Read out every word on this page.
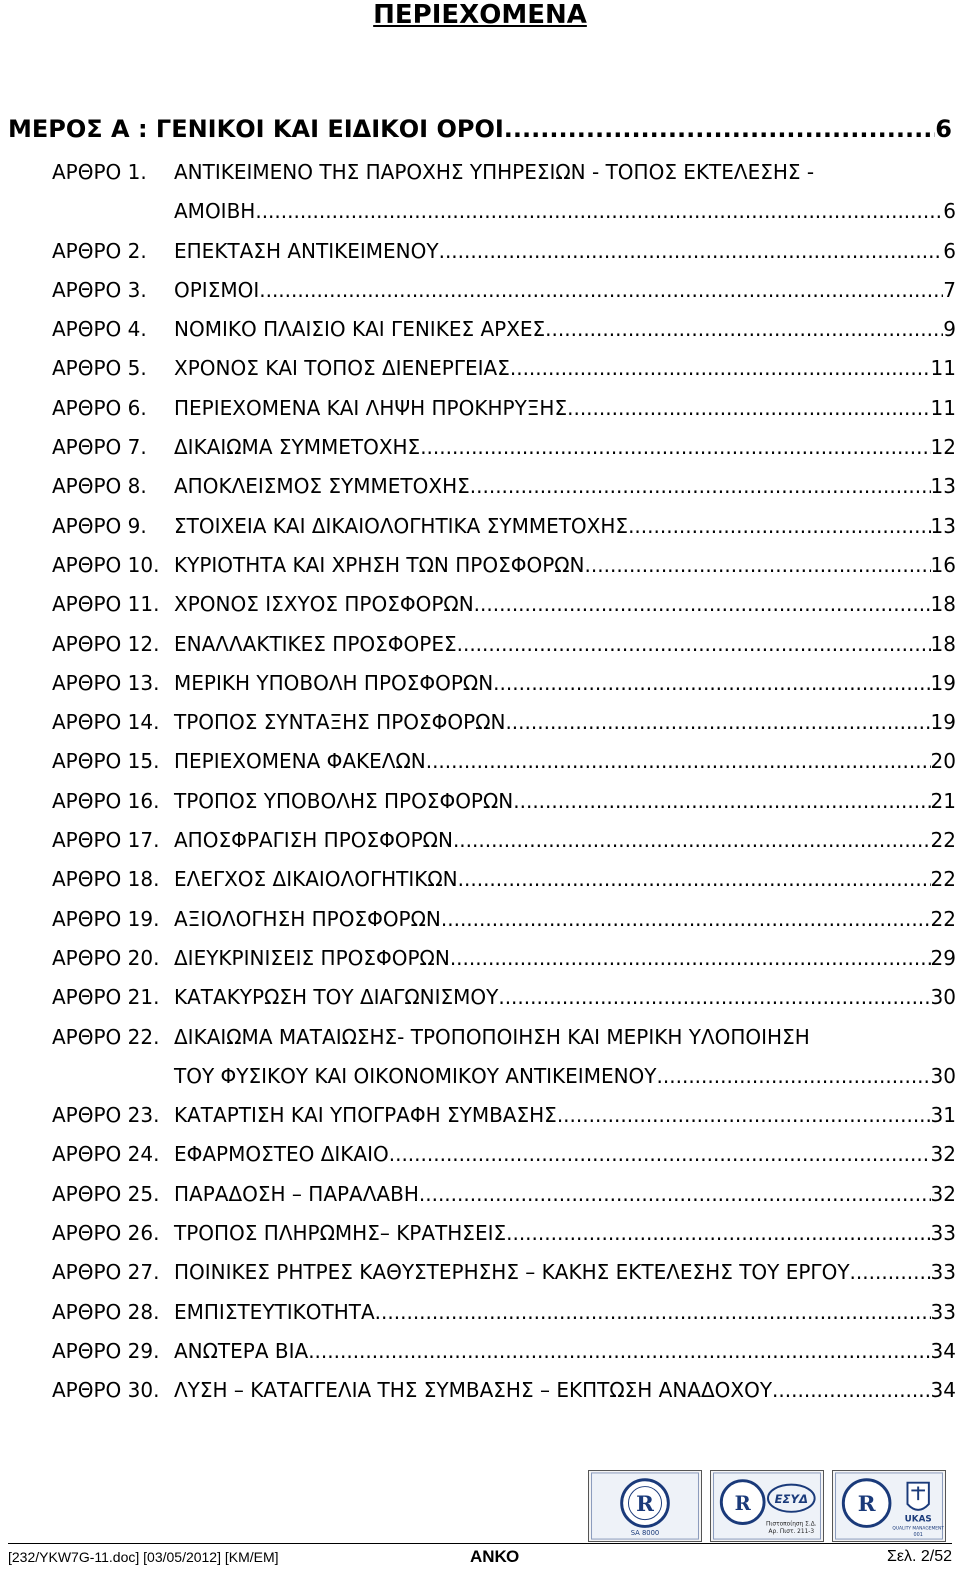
ΠΕΡΙΕΧΟΜΕΝΑ
ΜΕΡΟΣ Α : ΓΕΝΙΚΟΙ ΚΑΙ ΕΙΔΙΚΟΙ ΟΡΟΙ .....	6
ΑΡΘΡΟ 1.	ΑΝΤΙΚΕΙΜΕΝΟ ΤΗΣ ΠΑΡΟΧΗΣ ΥΠΗΡΕΣΙΩΝ - ΤΟΠΟΣ ΕΚΤΕΛΕΣΗΣ -
ΑΜΟΙΒΗ .....	6
ΑΡΘΡΟ 2.	ΕΠΕΚΤΑΣΗ ΑΝΤΙΚΕΙΜΕΝΟΥ .....	6
ΑΡΘΡΟ 3.	ΟΡΙΣΜΟΙ .....	7
ΑΡΘΡΟ 4.	ΝΟΜΙΚΟ ΠΛΑΙΣΙΟ ΚΑΙ ΓΕΝΙΚΕΣ ΑΡΧΕΣ .....	9
ΑΡΘΡΟ 5.	ΧΡΟΝΟΣ ΚΑΙ ΤΟΠΟΣ ΔΙΕΝΕΡΓΕΙΑΣ .....	11
ΑΡΘΡΟ 6.	ΠΕΡΙΕΧΟΜΕΝΑ ΚΑΙ ΛΗΨΗ ΠΡΟΚΗΡΥΞΗΣ .....	11
ΑΡΘΡΟ 7.	ΔΙΚΑΙΩΜΑ ΣΥΜΜΕΤΟΧΗΣ .....	12
ΑΡΘΡΟ 8.	ΑΠΟΚΛΕΙΣΜΟΣ ΣΥΜΜΕΤΟΧΗΣ .....	13
ΑΡΘΡΟ 9.	ΣΤΟΙΧΕΙΑ ΚΑΙ ΔΙΚΑΙΟΛΟΓΗΤΙΚΑ ΣΥΜΜΕΤΟΧΗΣ .....	13
ΑΡΘΡΟ 10. ΚΥΡΙΟΤΗΤΑ ΚΑΙ ΧΡΗΣΗ ΤΩΝ ΠΡΟΣΦΟΡΩΝ .....	16
ΑΡΘΡΟ 11. ΧΡΟΝΟΣ ΙΣΧΥΟΣ ΠΡΟΣΦΟΡΩΝ .....	18
ΑΡΘΡΟ 12. ΕΝΑΛΛΑΚΤΙΚΕΣ ΠΡΟΣΦΟΡΕΣ .....	18
ΑΡΘΡΟ 13. ΜΕΡΙΚΗ ΥΠΟΒΟΛΗ ΠΡΟΣΦΟΡΩΝ .....	19
ΑΡΘΡΟ 14. ΤΡΟΠΟΣ ΣΥΝΤΑΞΗΣ ΠΡΟΣΦΟΡΩΝ .....	19
ΑΡΘΡΟ 15. ΠΕΡΙΕΧΟΜΕΝΑ ΦΑΚΕΛΩΝ .....	20
ΑΡΘΡΟ 16. ΤΡΟΠΟΣ ΥΠΟΒΟΛΗΣ ΠΡΟΣΦΟΡΩΝ .....	21
ΑΡΘΡΟ 17. ΑΠΟΣΦΡΑΓΙΣΗ ΠΡΟΣΦΟΡΩΝ .....	22
ΑΡΘΡΟ 18. ΕΛΕΓΧΟΣ ΔΙΚΑΙΟΛΟΓΗΤΙΚΩΝ .....	22
ΑΡΘΡΟ 19. ΑΞΙΟΛΟΓΗΣΗ ΠΡΟΣΦΟΡΩΝ .....	22
ΑΡΘΡΟ 20. ΔΙΕΥΚΡΙΝΙΣΕΙΣ ΠΡΟΣΦΟΡΩΝ .....	29
ΑΡΘΡΟ 21. ΚΑΤΑΚΥΡΩΣΗ ΤΟΥ ΔΙΑΓΩΝΙΣΜΟΥ .....	30
ΑΡΘΡΟ 22. ΔΙΚΑΙΩΜΑ ΜΑΤΑΙΩΣΗΣ- ΤΡΟΠΟΠΟΙΗΣΗ ΚΑΙ ΜΕΡΙΚΗ ΥΛΟΠΟΙΗΣΗ
ΤΟΥ ΦΥΣΙΚΟΥ ΚΑΙ ΟΙΚΟΝΟΜΙΚΟΥ ΑΝΤΙΚΕΙΜΕΝΟΥ .....	30
ΑΡΘΡΟ 23. ΚΑΤΑΡΤΙΣΗ ΚΑΙ ΥΠΟΓΡΑΦΗ ΣΥΜΒΑΣΗΣ .....	31
ΑΡΘΡΟ 24. ΕΦΑΡΜΟΣΤΕΟ ΔΙΚΑΙΟ .....	32
ΑΡΘΡΟ 25. ΠΑΡΑΔΟΣΗ – ΠΑΡΑΛΑΒΗ .....	32
ΑΡΘΡΟ 26. ΤΡΟΠΟΣ ΠΛΗΡΩΜΗΣ– ΚΡΑΤΗΣΕΙΣ .....	33
ΑΡΘΡΟ 27. ΠΟΙΝΙΚΕΣ ΡΗΤΡΕΣ ΚΑΘΥΣΤΕΡΗΣΗΣ – ΚΑΚΗΣ ΕΚΤΕΛΕΣΗΣ ΤΟΥ ΕΡΓΟΥ .....	33
ΑΡΘΡΟ 28. ΕΜΠΙΣΤΕΥΤΙΚΟΤΗΤΑ .....	33
ΑΡΘΡΟ 29. ΑΝΩΤΕΡΑ ΒΙΑ .....	34
ΑΡΘΡΟ 30. ΛΥΣΗ – ΚΑΤΑΓΓΕΛΙΑ ΤΗΣ ΣΥΜΒΑΣΗΣ – ΕΚΠΤΩΣΗ ΑΝΑΔΟΧΟΥ .....	34
R
SA 8000
R ΕΣΥΔ
Πιστοποίηση Σ.Δ.
Αρ. Πιστ. 211-3
R
UKAS
QUALITY MANAGEMENT
001
[232/YKW7G-11.doc] [03/05/2012] [KM/EM]	ΑΝΚΟ	Σελ. 2/52
